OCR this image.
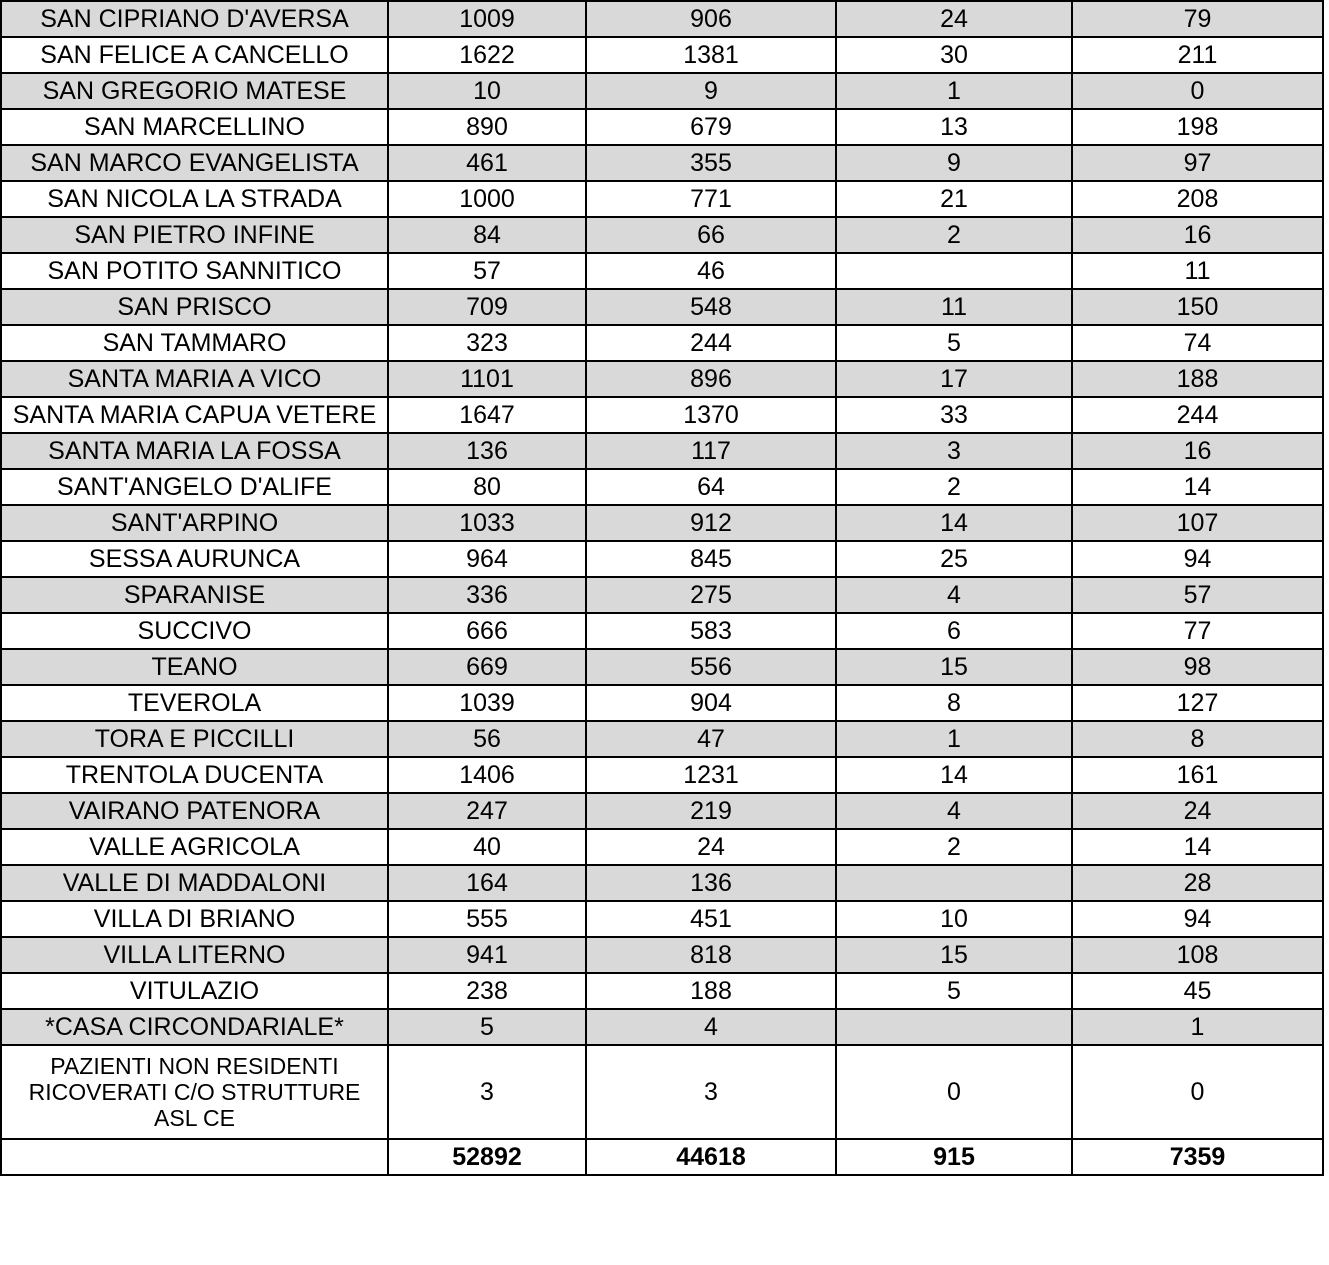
SAN CIPRIANO D'AVERSA	1009	906	24	79
SAN FELICE A CANCELLO	1622	1381	30	211
SAN GREGORIO MATESE	10	9	1	0
SAN MARCELLINO	890	679	13	198
SAN MARCO EVANGELISTA	461	355	9	97
SAN NICOLA LA STRADA	1000	771	21	208
SAN PIETRO INFINE	84	66	2	16
SAN POTITO SANNITICO	57	46		11
SAN PRISCO	709	548	11	150
SAN TAMMARO	323	244	5	74
SANTA MARIA A VICO	1101	896	17	188
SANTA MARIA CAPUA VETERE	1647	1370	33	244
SANTA MARIA LA FOSSA	136	117	3	16
SANT'ANGELO D'ALIFE	80	64	2	14
SANT'ARPINO	1033	912	14	107
SESSA AURUNCA	964	845	25	94
SPARANISE	336	275	4	57
SUCCIVO	666	583	6	77
TEANO	669	556	15	98
TEVEROLA	1039	904	8	127
TORA E PICCILLI	56	47	1	8
TRENTOLA DUCENTA	1406	1231	14	161
VAIRANO PATENORA	247	219	4	24
VALLE AGRICOLA	40	24	2	14
VALLE DI MADDALONI	164	136		28
VILLA DI BRIANO	555	451	10	94
VILLA LITERNO	941	818	15	108
VITULAZIO	238	188	5	45
*CASA CIRCONDARIALE*	5	4		1
PAZIENTI NON RESIDENTI RICOVERATI C/O STRUTTURE ASL CE	3	3	0	0
	52892	44618	915	7359
